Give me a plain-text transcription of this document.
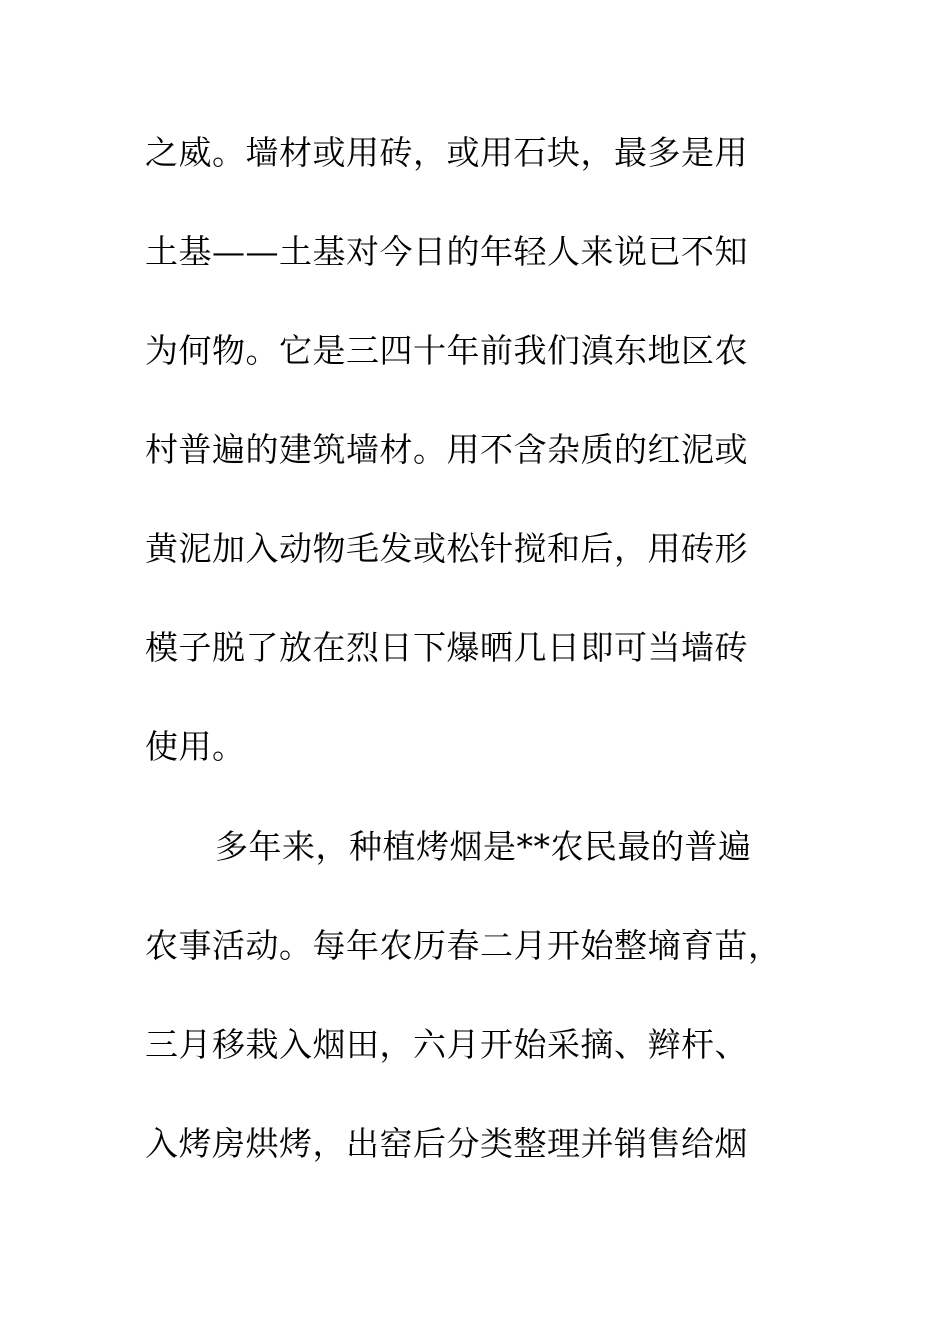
之威。墙材或用砖，或用石块，最多是用
土基——土基对今日的年轻人来说已不知
为何物。它是三四十年前我们滇东地区农
村普遍的建筑墙材。用不含杂质的红泥或
黄泥加入动物毛发或松针搅和后，用砖形
模子脱了放在烈日下爆晒几日即可当墙砖
使用。
多年来，种植烤烟是**农民最的普遍
农事活动。每年农历春二月开始整墒育苗，
三月移栽入烟田，六月开始采摘、辫杆、
入烤房烘烤，出窑后分类整理并销售给烟
